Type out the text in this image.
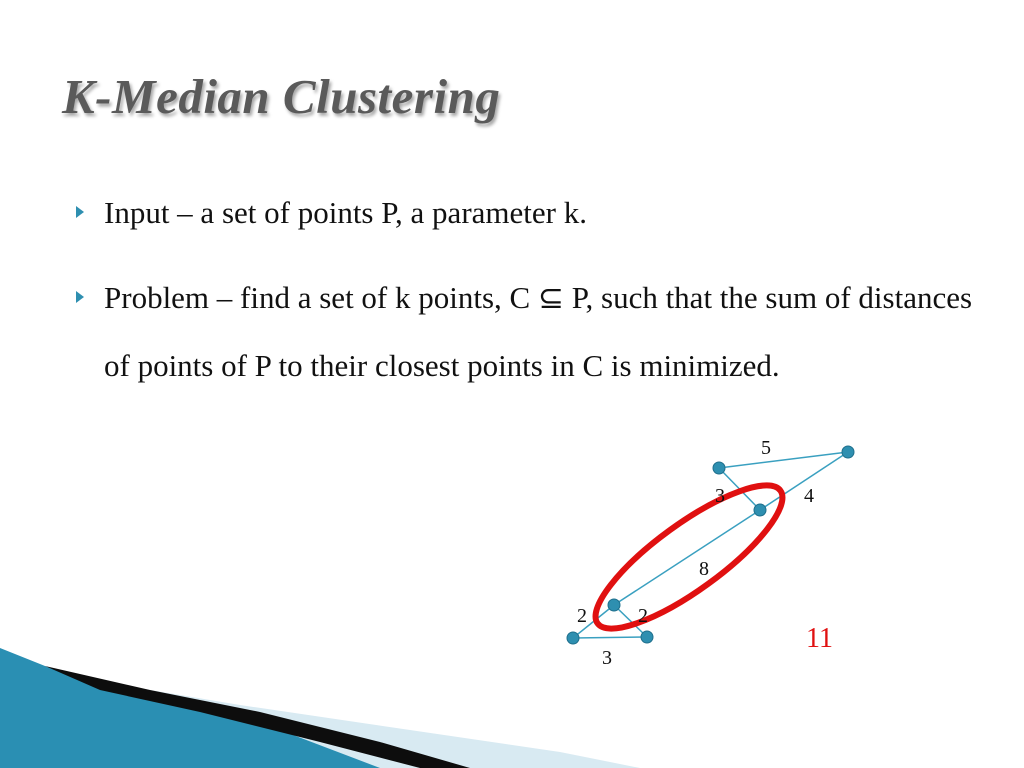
K-Median Clustering
Input – a set of points P, a parameter k.
Problem – find a set of k points, C ⊆ P, such that the sum of distances of points of P to their closest points in C is minimized.
5
3	4
8
2	2
3
11
